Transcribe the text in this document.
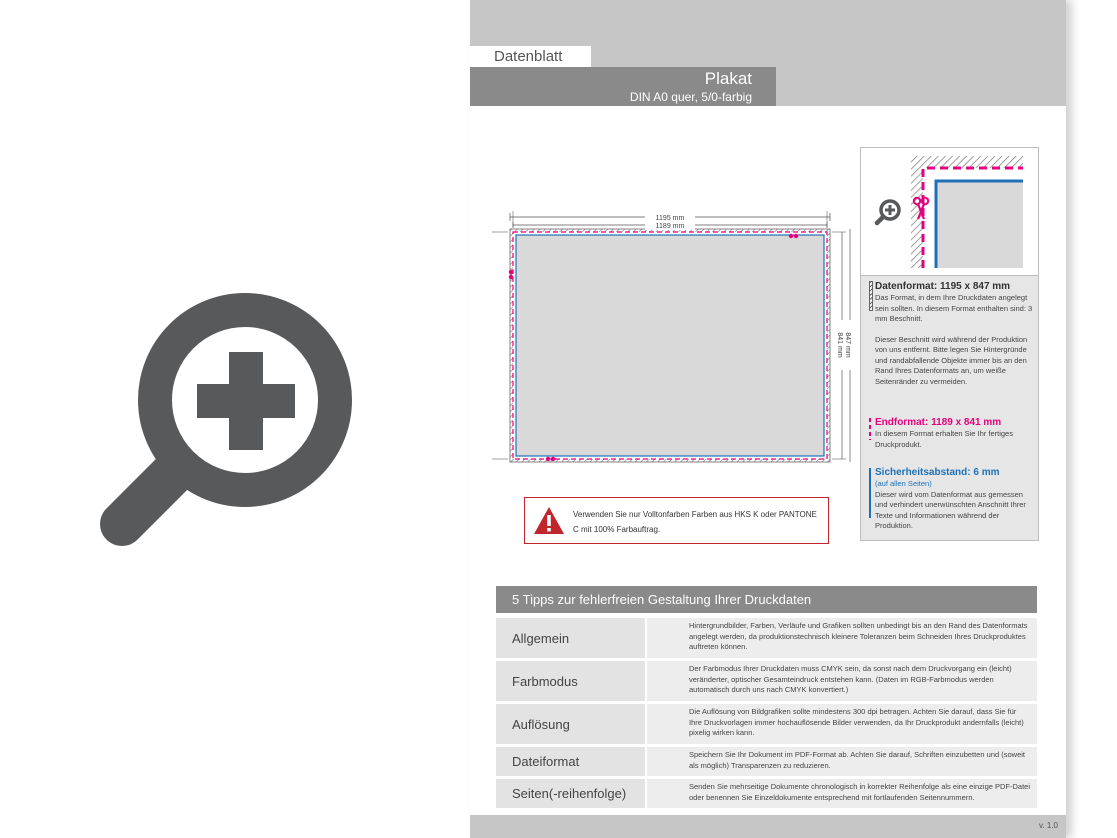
Datenblatt
Plakat
DIN A0 quer, 5/0-farbig
1195 mm
1189 mm
847 mm
841 mm
Verwenden Sie nur Volltonfarben Farben aus HKS K oder PANTONE C mit 100% Farbauftrag.
Datenformat: 1195 x 847 mm
Das Format, in dem Ihre Druckdaten angelegt sein sollten. In diesem Format enthalten sind: 3 mm Beschnitt.
Dieser Beschnitt wird während der Produktion von uns entfernt. Bitte legen Sie Hintergründe und randabfallende Objekte immer bis an den Rand Ihres Datenformats an, um weiße Seitenränder zu vermeiden.
Endformat: 1189 x 841 mm
In diesem Format erhalten Sie Ihr fertiges Druckprodukt.
Sicherheitsabstand: 6 mm
(auf allen Seiten)
Dieser wird vom Datenformat aus gemessen und verhindert unerwünschten Anschnitt Ihrer Texte und Informationen während der Produktion.
5 Tipps zur fehlerfreien Gestaltung Ihrer Druckdaten
Allgemein
Hintergrundbilder, Farben, Verläufe und Grafiken sollten unbedingt bis an den Rand des Datenformats angelegt werden, da produktionstechnisch kleinere Toleranzen beim Schneiden Ihres Druckproduktes auftreten können.
Farbmodus
Der Farbmodus Ihrer Druckdaten muss CMYK sein, da sonst nach dem Druckvorgang ein (leicht) veränderter, optischer Gesamteindruck entstehen kann. (Daten im RGB-Farbmodus werden automatisch durch uns nach CMYK konvertiert.)
Auflösung
Die Auflösung von Bildgrafiken sollte mindestens 300 dpi betragen. Achten Sie darauf, dass Sie für Ihre Druckvorlagen immer hochauflösende Bilder verwenden, da Ihr Druckprodukt andernfalls (leicht) pixelig wirken kann.
Dateiformat	Speichern Sie Ihr Dokument im PDF-Format ab. Achten Sie darauf, Schriften einzubetten und (soweit als möglich) Transparenzen zu reduzieren.
Seiten(-reihenfolge)	Senden Sie mehrseitige Dokumente chronologisch in korrekter Reihenfolge als eine einzige PDF-Datei oder benennen Sie Einzeldokumente entsprechend mit fortlaufenden Seitennummern.
v. 1.0
